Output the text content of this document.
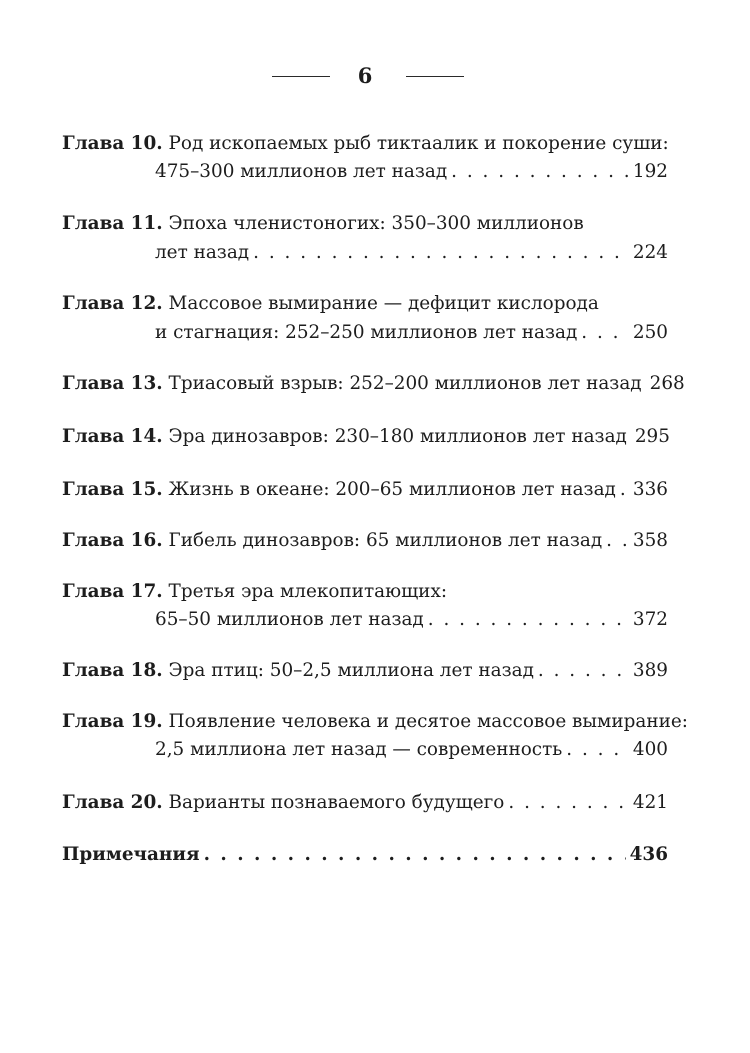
6
Глава 10. Род ископаемых рыб тиктаалик и покорение суши:
475–300 миллионов лет назад . . .	192
Глава 11. Эпоха членистоногих: 350–300 миллионов
лет назад . . .	224
Глава 12. Массовое вымирание — дефицит кислорода
и стагнация: 252–250 миллионов лет назад . . .	250
Глава 13.
Триасовый взрыв: 252–200 миллионов лет назад 268
Глава 14.
Эра динозавров: 230–180 миллионов лет назад 295
Глава 15.
Жизнь в океане: 200–65 миллионов лет назад . . . 336
Глава 16.
Гибель динозавров: 65 миллионов лет назад . . . 358
Глава 17. Третья эра млекопитающих:
65–50 миллионов лет назад . . .	372
Глава 18.
Эра птиц: 50–2,5 миллиона лет назад . . .	389
Глава 19. Появление человека и десятое массовое вымирание:
2,5 миллиона лет назад — современность . . .	400
Глава 20.
Варианты познаваемого будущего . . .	421
Примечания . . .	436
